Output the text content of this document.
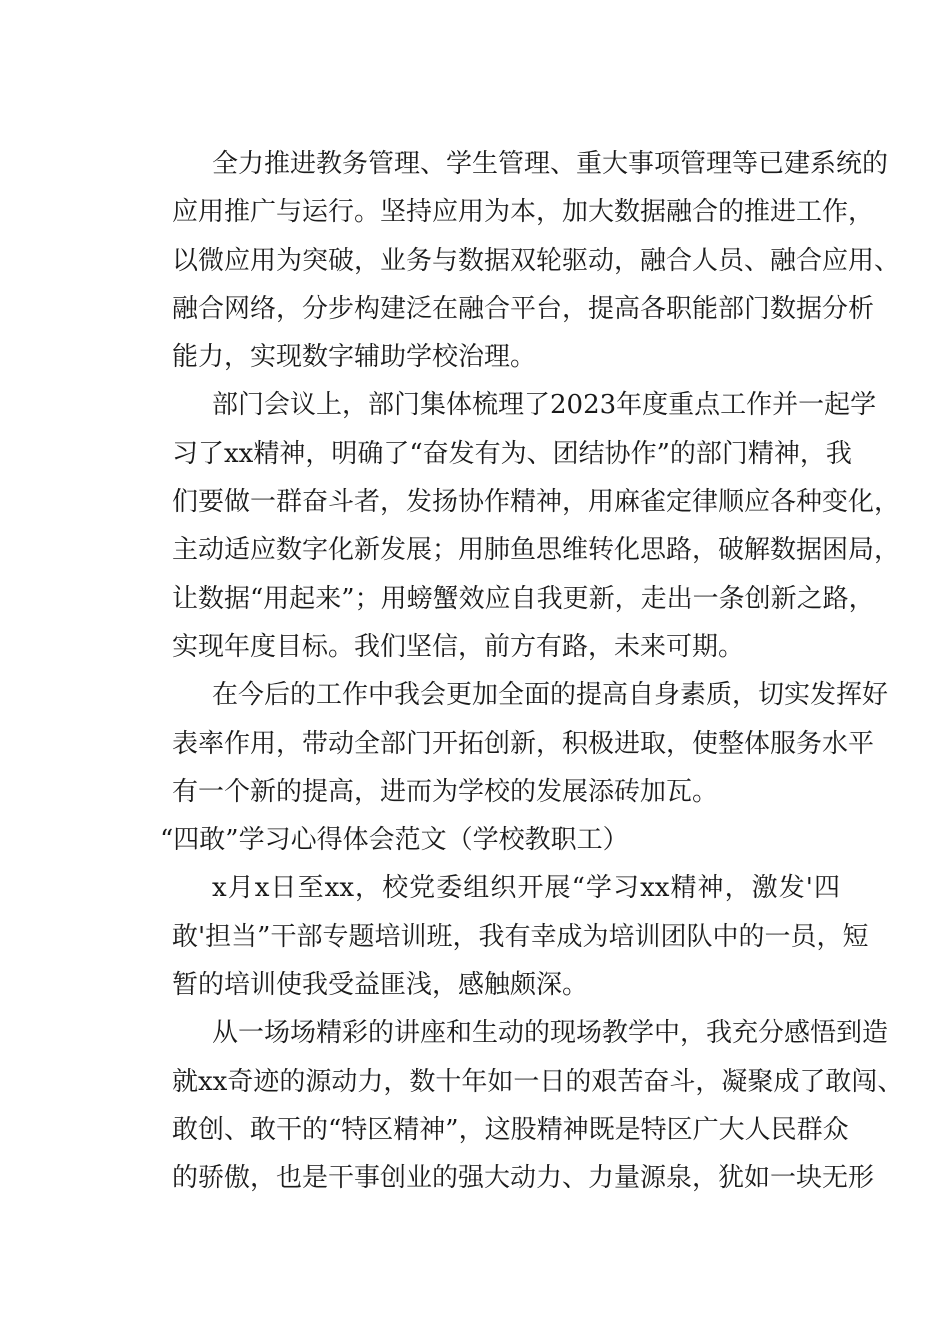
全力推进教务管理、学生管理、重大事项管理等已建系统的
应用推广与运行。坚持应用为本，加大数据融合的推进工作，
以微应用为突破，业务与数据双轮驱动，融合人员、融合应用、
融合网络，分步构建泛在融合平台，提高各职能部门数据分析
能力，实现数字辅助学校治理。
部门会议上，部门集体梳理了2023年度重点工作并一起学
习了xx精神，明确了“奋发有为、团结协作”的部门精神，我
们要做一群奋斗者，发扬协作精神，用麻雀定律顺应各种变化，
主动适应数字化新发展；用肺鱼思维转化思路，破解数据困局，
让数据“用起来”；用螃蟹效应自我更新，走出一条创新之路，
实现年度目标。我们坚信，前方有路，未来可期。
在今后的工作中我会更加全面的提高自身素质，切实发挥好
表率作用，带动全部门开拓创新，积极进取，使整体服务水平
有一个新的提高，进而为学校的发展添砖加瓦。
“四敢”学习心得体会范文（学校教职工）
x月x日至xx，校党委组织开展“学习xx精神，激发'四
敢'担当”干部专题培训班，我有幸成为培训团队中的一员，短
暂的培训使我受益匪浅，感触颇深。
从一场场精彩的讲座和生动的现场教学中，我充分感悟到造
就xx奇迹的源动力，数十年如一日的艰苦奋斗，凝聚成了敢闯、
敢创、敢干的“特区精神”，这股精神既是特区广大人民群众
的骄傲，也是干事创业的强大动力、力量源泉，犹如一块无形
